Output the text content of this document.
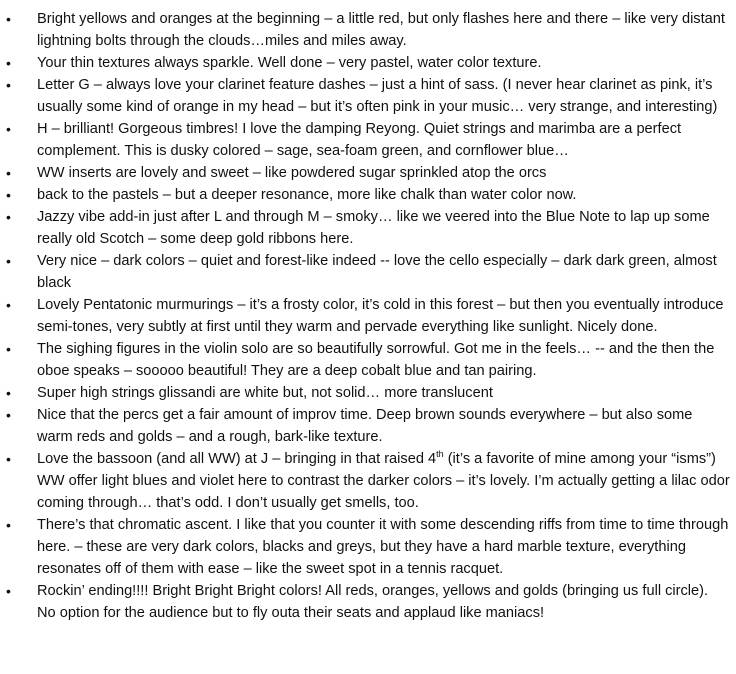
• Bright yellows and oranges at the beginning – a little red, but only flashes here and there – like very distant lightning bolts through the clouds…miles and miles away.
• Your thin textures always sparkle. Well done – very pastel, water color texture.
• Letter G – always love your clarinet feature dashes – just a hint of sass. (I never hear clarinet as pink, it’s usually some kind of orange in my head – but it’s often pink in your music… very strange, and interesting)
• H – brilliant! Gorgeous timbres! I love the damping Reyong. Quiet strings and marimba are a perfect complement. This is dusky colored – sage, sea-foam green, and cornflower blue…
• WW inserts are lovely and sweet – like powdered sugar sprinkled atop the orcs
• back to the pastels – but a deeper resonance, more like chalk than water color now.
• Jazzy vibe add-in just after L and through M – smoky… like we veered into the Blue Note to lap up some really old Scotch – some deep gold ribbons here.
• Very nice – dark colors – quiet and forest-like indeed -- love the cello especially – dark dark green, almost black
• Lovely Pentatonic murmurings – it’s a frosty color, it’s cold in this forest – but then you eventually introduce semi-tones, very subtly at first until they warm and pervade everything like sunlight. Nicely done.
• The sighing figures in the violin solo are so beautifully sorrowful. Got me in the feels… -- and the then the oboe speaks – sooooo beautiful! They are a deep cobalt blue and tan pairing.
• Super high strings glissandi are white but, not solid… more translucent
• Nice that the percs get a fair amount of improv time. Deep brown sounds everywhere – but also some warm reds and golds – and a rough, bark-like texture.
• Love the bassoon (and all WW) at J – bringing in that raised 4th (it’s a favorite of mine among your “isms”) WW offer light blues and violet here to contrast the darker colors – it’s lovely. I’m actually getting a lilac odor coming through… that’s odd. I don’t usually get smells, too.
• There’s that chromatic ascent. I like that you counter it with some descending riffs from time to time through here. – these are very dark colors, blacks and greys, but they have a hard marble texture, everything resonates off of them with ease – like the sweet spot in a tennis racquet.
• Rockin’ ending!!!! Bright Bright Bright colors! All reds, oranges, yellows and golds (bringing us full circle). No option for the audience but to fly outa their seats and applaud like maniacs!
